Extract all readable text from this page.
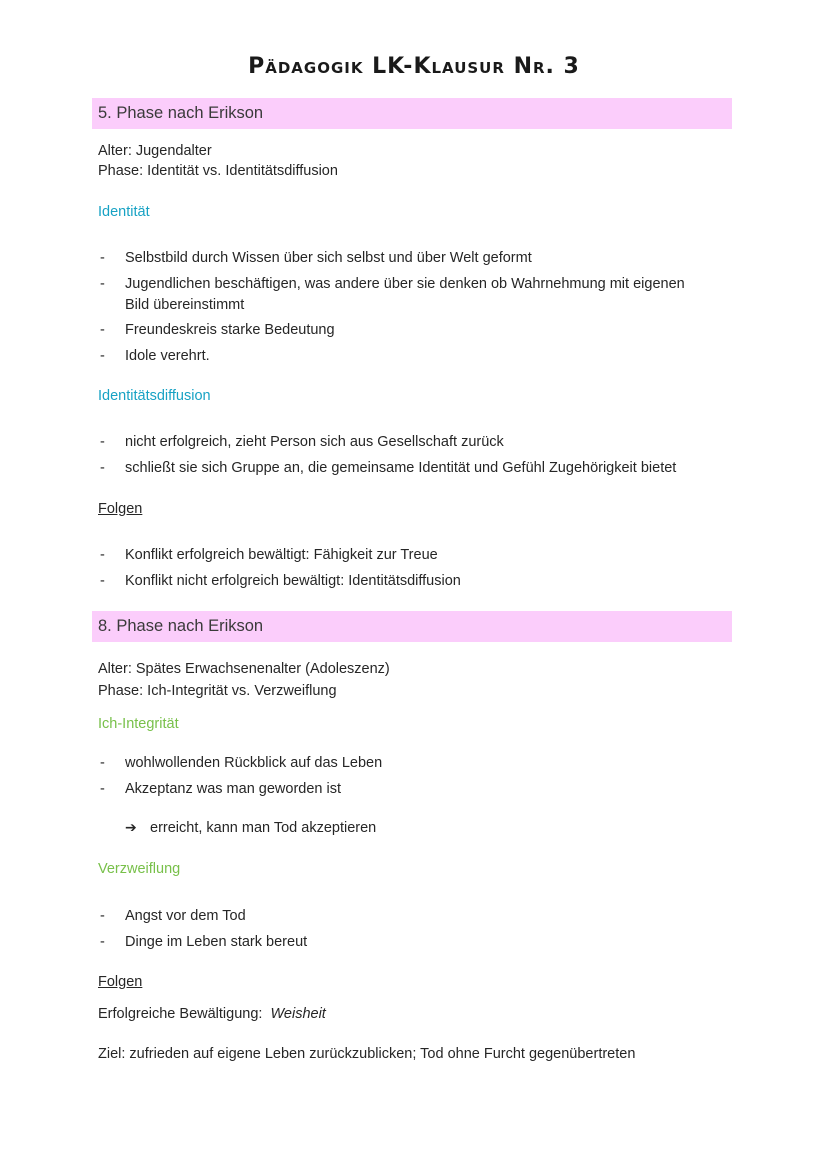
Pädagogik LK-Klausur Nr. 3
5. Phase nach Erikson
Alter: Jugendalter
Phase: Identität vs. Identitätsdiffusion
Identität
- Selbstbild durch Wissen über sich selbst und über Welt geformt
- Jugendlichen beschäftigen, was andere über sie denken ob Wahrnehmung mit eigenen
Bild übereinstimmt
- Freundeskreis starke Bedeutung
- Idole verehrt.
Identitätsdiffusion
- nicht erfolgreich, zieht Person sich aus Gesellschaft zurück
- schließt sie sich Gruppe an, die gemeinsame Identität und Gefühl Zugehörigkeit bietet
Folgen
- Konflikt erfolgreich bewältigt: Fähigkeit zur Treue
- Konflikt nicht erfolgreich bewältigt: Identitätsdiffusion
8. Phase nach Erikson
Alter: Spätes Erwachsenenalter (Adoleszenz)
Phase: Ich-Integrität vs. Verzweiflung
Ich-Integrität
- wohlwollenden Rückblick auf das Leben
- Akzeptanz was man geworden ist
➔ erreicht, kann man Tod akzeptieren
Verzweiflung
- Angst vor dem Tod
- Dinge im Leben stark bereut
Folgen
Erfolgreiche Bewältigung: Weisheit
Ziel: zufrieden auf eigene Leben zurückzublicken; Tod ohne Furcht gegenübertreten
